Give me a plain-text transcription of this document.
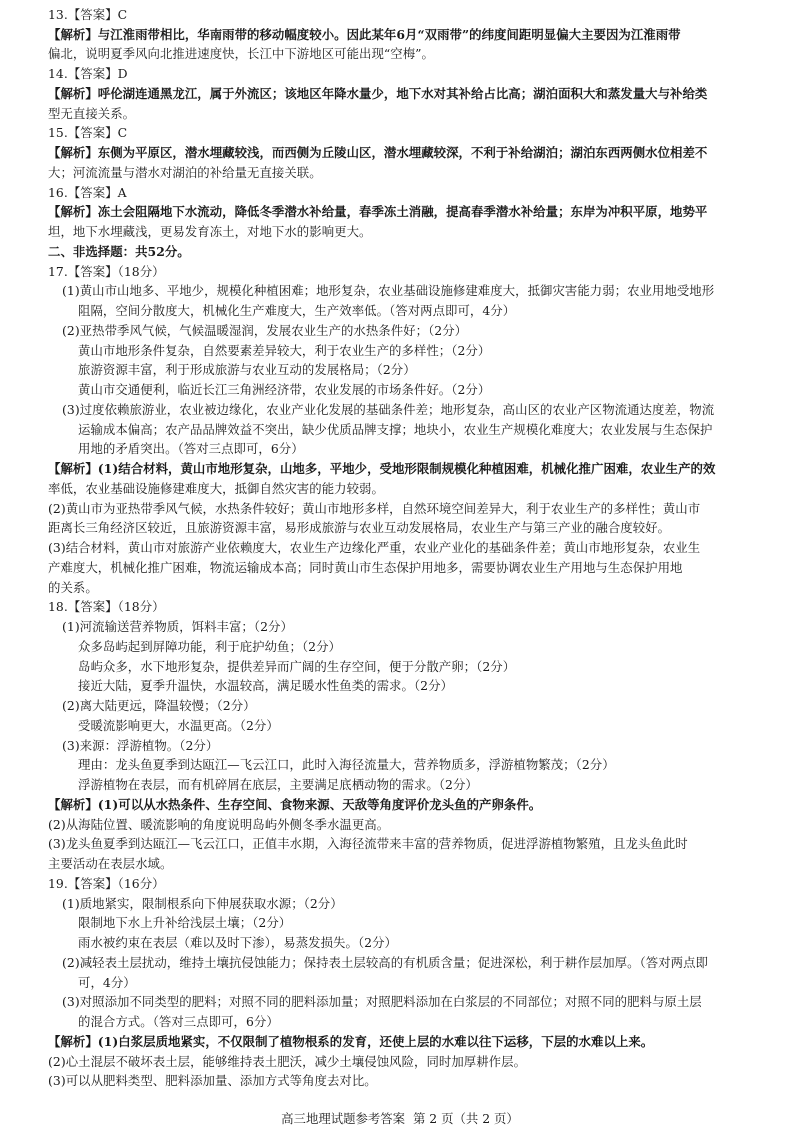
13.【答案】C
【解析】与江淮雨带相比，华南雨带的移动幅度较小。因此某年6月“双雨带”的纬度间距明显偏大主要因为江淮雨带
偏北，说明夏季风向北推进速度快，长江中下游地区可能出现“空梅”。
14.【答案】D
【解析】呼伦湖连通黑龙江，属于外流区；该地区年降水量少，地下水对其补给占比高；湖泊面积大和蒸发量大与补给类
型无直接关系。
15.【答案】C
【解析】东侧为平原区，潜水埋藏较浅，而西侧为丘陵山区，潜水埋藏较深，不利于补给湖泊；湖泊东西两侧水位相差不
大；河流流量与潜水对湖泊的补给量无直接关联。
16.【答案】A
【解析】冻土会阻隔地下水流动，降低冬季潜水补给量，春季冻土消融，提高春季潜水补给量；东岸为冲积平原，地势平
坦，地下水埋藏浅，更易发育冻土，对地下水的影响更大。
二、非选择题：共52分。
17.【答案】（18分）
(1)黄山市山地多、平地少，规模化种植困难；地形复杂，农业基础设施修建难度大，抵御灾害能力弱；农业用地受地形
阻隔，空间分散度大，机械化生产难度大，生产效率低。（答对两点即可，4分）
(2)亚热带季风气候，气候温暖湿润，发展农业生产的水热条件好；（2分）
黄山市地形条件复杂，自然要素差异较大，利于农业生产的多样性；（2分）
旅游资源丰富，利于形成旅游与农业互动的发展格局；（2分）
黄山市交通便利，临近长江三角洲经济带，农业发展的市场条件好。（2分）
(3)过度依赖旅游业，农业被边缘化，农业产业化发展的基础条件差；地形复杂，高山区的农业产区物流通达度差，物流
运输成本偏高；农产品品牌效益不突出，缺少优质品牌支撑；地块小，农业生产规模化难度大；农业发展与生态保护
用地的矛盾突出。（答对三点即可，6分）
【解析】(1)结合材料，黄山市地形复杂，山地多，平地少，受地形限制规模化种植困难，机械化推广困难，农业生产的效
率低，农业基础设施修建难度大，抵御自然灾害的能力较弱。
(2)黄山市为亚热带季风气候，水热条件较好；黄山市地形多样，自然环境空间差异大，利于农业生产的多样性；黄山市
距离长三角经济区较近，且旅游资源丰富，易形成旅游与农业互动发展格局，农业生产与第三产业的融合度较好。
(3)结合材料，黄山市对旅游产业依赖度大，农业生产边缘化严重，农业产业化的基础条件差；黄山市地形复杂，农业生
产难度大，机械化推广困难，物流运输成本高；同时黄山市生态保护用地多，需要协调农业生产用地与生态保护用地
的关系。
18.【答案】（18分）
(1)河流输送营养物质，饵料丰富；（2分）
众多岛屿起到屏障功能，利于庇护幼鱼；（2分）
岛屿众多，水下地形复杂，提供差异而广阔的生存空间，便于分散产卵；（2分）
接近大陆，夏季升温快，水温较高，满足暖水性鱼类的需求。（2分）
(2)离大陆更远，降温较慢；（2分）
受暖流影响更大，水温更高。（2分）
(3)来源：浮游植物。（2分）
理由：龙头鱼夏季到达瓯江—飞云江口，此时入海径流量大，营养物质多，浮游植物繁茂；（2分）
浮游植物在表层，而有机碎屑在底层，主要满足底栖动物的需求。（2分）
【解析】(1)可以从水热条件、生存空间、食物来源、天敌等角度评价龙头鱼的产卵条件。
(2)从海陆位置、暖流影响的角度说明岛屿外侧冬季水温更高。
(3)龙头鱼夏季到达瓯江—飞云江口，正值丰水期，入海径流带来丰富的营养物质，促进浮游植物繁殖，且龙头鱼此时
主要活动在表层水域。
19.【答案】（16分）
(1)质地紧实，限制根系向下伸展获取水源；（2分）
限制地下水上升补给浅层土壤；（2分）
雨水被约束在表层（难以及时下渗），易蒸发损失。（2分）
(2)减轻表土层扰动，维持土壤抗侵蚀能力；保持表土层较高的有机质含量；促进深松，利于耕作层加厚。（答对两点即
可，4分）
(3)对照添加不同类型的肥料；对照不同的肥料添加量；对照肥料添加在白浆层的不同部位；对照不同的肥料与原土层
的混合方式。（答对三点即可，6分）
【解析】(1)白浆层质地紧实，不仅限制了植物根系的发育，还使上层的水难以往下运移，下层的水难以上来。
(2)心土混层不破坏表土层，能够维持表土肥沃，减少土壤侵蚀风险，同时加厚耕作层。
(3)可以从肥料类型、肥料添加量、添加方式等角度去对比。
高三地理试题参考答案  第 2 页（共 2 页）
